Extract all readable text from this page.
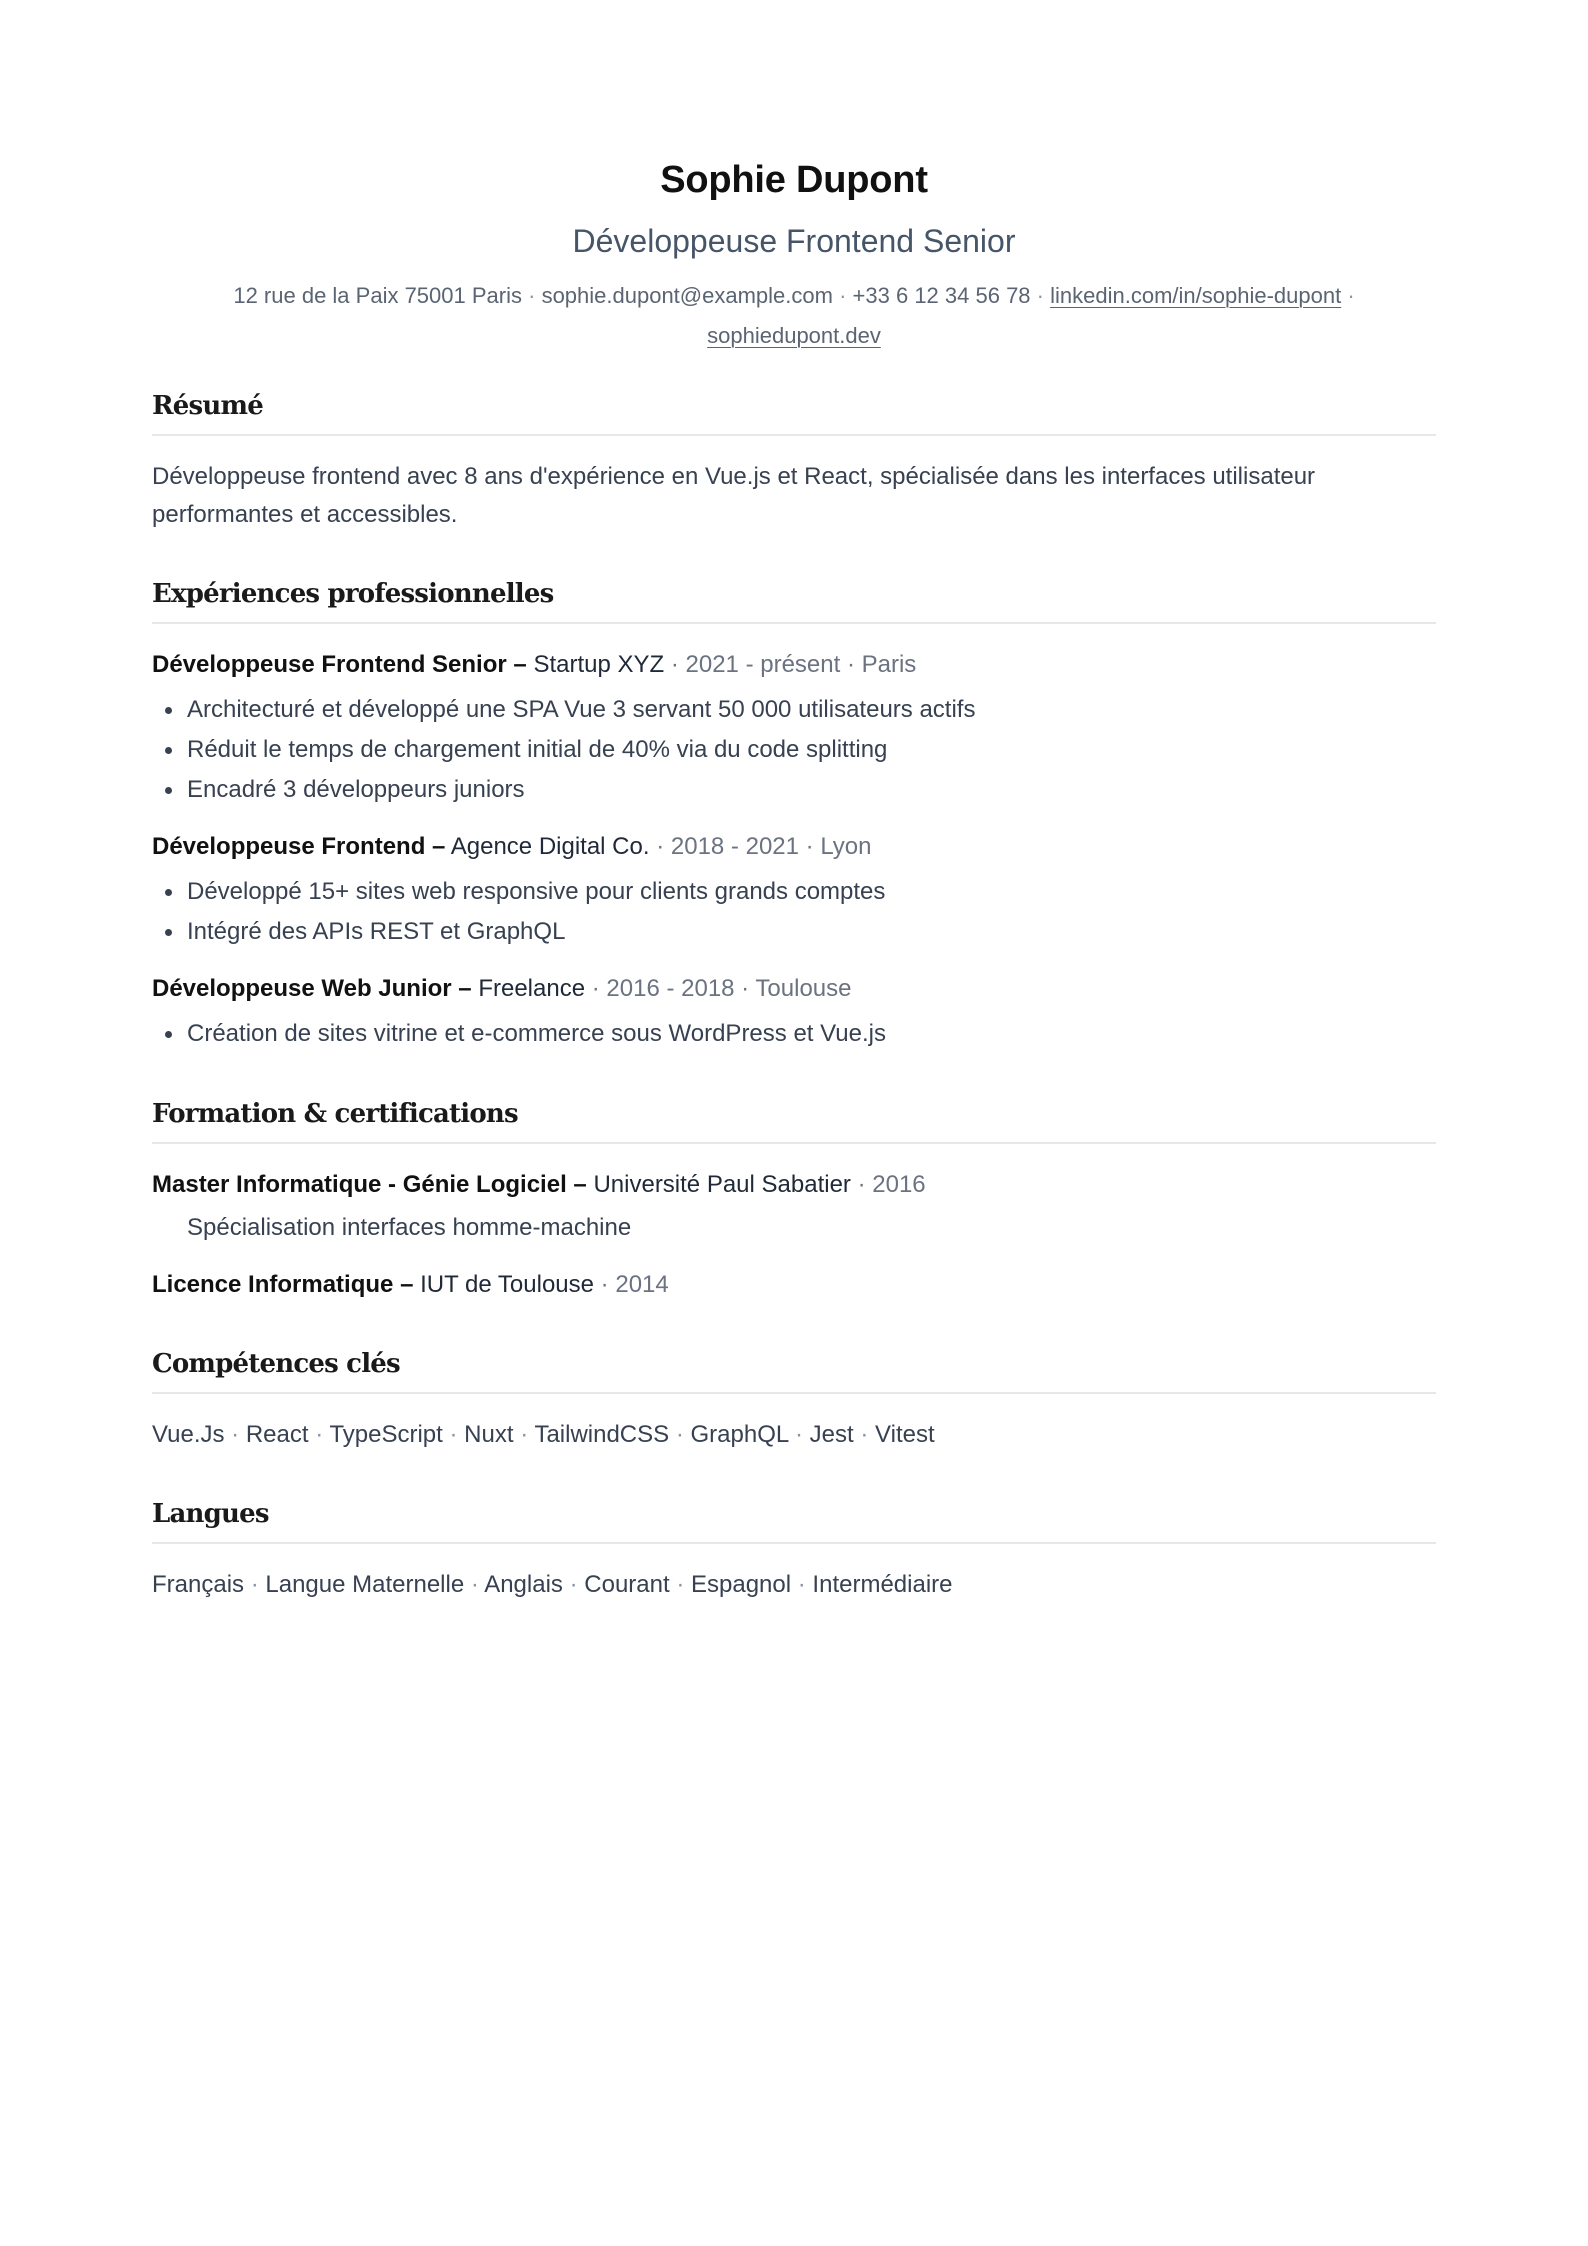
Sophie Dupont
Développeuse Frontend Senior
12 rue de la Paix 75001 Paris · sophie.dupont@example.com · +33 6 12 34 56 78 · linkedin.com/in/sophie-dupont ·
sophiedupont.dev
Résumé

Développeuse frontend avec 8 ans d'expérience en Vue.js et React, spécialisée dans les interfaces utilisateur performantes et accessibles.

Expériences professionnelles
Développeuse Frontend Senior – Startup XYZ · 2021 - présent · Paris
Architecturé et développé une SPA Vue 3 servant 50 000 utilisateurs actifs
Réduit le temps de chargement initial de 40% via du code splitting
Encadré 3 développeurs juniors
Développeuse Frontend – Agence Digital Co. · 2018 - 2021 · Lyon
Développé 15+ sites web responsive pour clients grands comptes
Intégré des APIs REST et GraphQL
Développeuse Web Junior – Freelance · 2016 - 2018 · Toulouse
Création de sites vitrine et e-commerce sous WordPress et Vue.js
Formation & certifications
Master Informatique - Génie Logiciel – Université Paul Sabatier · 2016
Spécialisation interfaces homme-machine
Licence Informatique – IUT de Toulouse · 2014
Compétences clés
Vue.Js · React · TypeScript · Nuxt · TailwindCSS · GraphQL · Jest · Vitest
Langues
Français · Langue Maternelle · Anglais · Courant · Espagnol · Intermédiaire
